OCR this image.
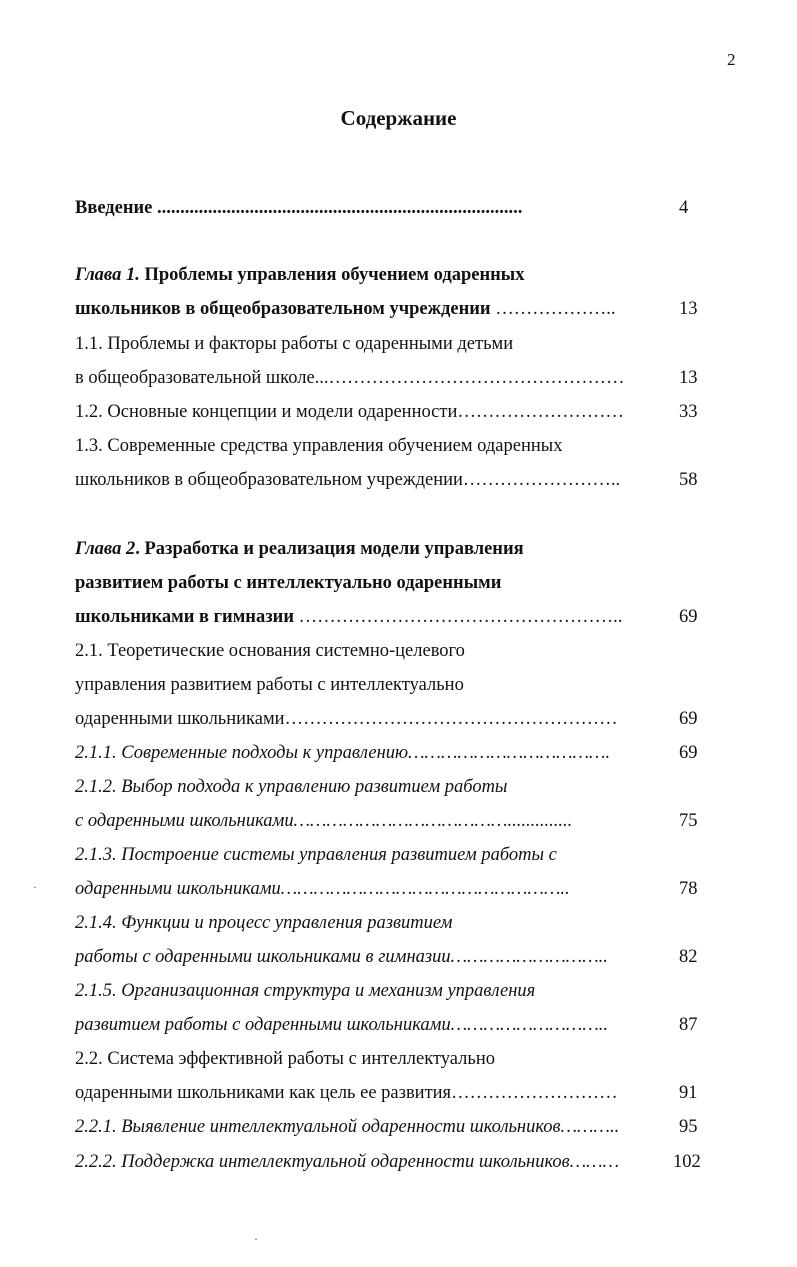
2
Содержание
Введение ...............................................................................	4
Глава 1. Проблемы управления обучением одаренных
школьников в общеобразовательном учреждении ………………..	13
1.1. Проблемы и факторы работы с одаренными детьми
в общеобразовательной школе...…………………………………………	13
1.2. Основные концепции и модели одаренности………………………	33
1.3. Современные средства управления обучением одаренных
школьников в общеобразовательном учреждении……………………..	58
Глава 2. Разработка и реализация модели управления
развитием работы с интеллектуально одаренными
школьниками в гимназии ……………………………………………..	69
2.1. Теоретические основания системно-целевого
управления развитием работы с интеллектуально
одаренными школьниками………………………………………………	69
2.1.1. Современные подходы к управлению……………………………….	69
2.1.2. Выбор подхода к управлению развитием работы
с одаренными школьниками…………………………………..............	75
2.1.3. Построение системы управления развитием работы с
одаренными школьниками……………………………………………..	78
2.1.4. Функции и процесс управления развитием
работы с одаренными школьниками в гимназии………………………..	82
2.1.5. Организационная структура и механизм управления
развитием работы с одаренными школьниками………………………..	87
2.2. Система эффективной работы с интеллектуально
одаренными школьниками как цель ее развития………………………	91
2.2.1. Выявление интеллектуальной одаренности школьников………..	95
2.2.2. Поддержка интеллектуальной одаренности школьников………	102
·
·
